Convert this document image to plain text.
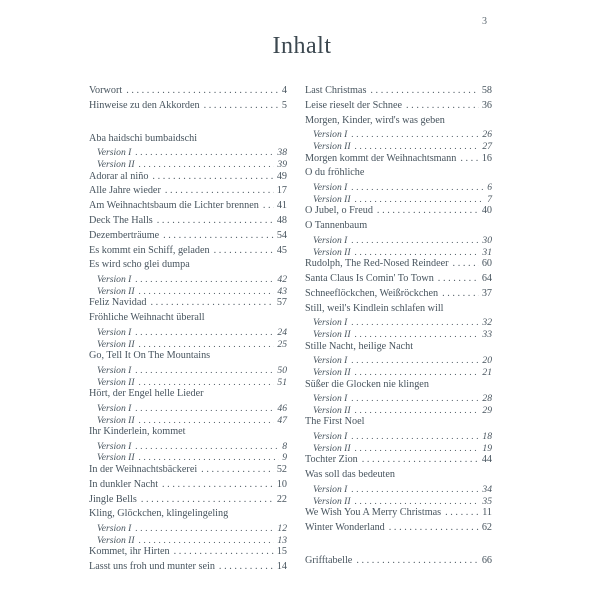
3
Inhalt
Vorwort .....	4
Hinweise zu den Akkorden .....	5
Aba haidschi bumbaidschi
Version I .....	38
Version II .....	39
Adorar al niño .....	49
Alle Jahre wieder .....	17
Am Weihnachtsbaum die Lichter brennen ..... 41
Deck The Halls .....	48
Dezemberträume .....	54
Es kommt ein Schiff, geladen .....	45
Es wird scho glei dumpa
Version I .....	42
Version II .....	43
Feliz Navidad .....	57
Fröhliche Weihnacht überall
Version I .....	24
Version II .....	25
Go, Tell It On The Mountains
Version I .....	50
Version II .....	51
Hört, der Engel helle Lieder
Version I .....	46
Version II .....	47
Ihr Kinderlein, kommet
Version I .....	8
Version II .....	9
In der Weihnachtsbäckerei .....	52
In dunkler Nacht .....	10
Jingle Bells .....	22
Kling, Glöckchen, klingelingeling
Version I .....	12
Version II .....	13
Kommet, ihr Hirten .....	15
Lasst uns froh und munter sein .....	14
Last Christmas .....	58
Leise rieselt der Schnee .....	36
Morgen, Kinder, wird's was geben
Version I .....	26
Version II .....	27
Morgen kommt der Weihnachtsmann .....	16
O du fröhliche
Version I .....	6
Version II .....	7
O Jubel, o Freud .....	40
O Tannenbaum
Version I .....	30
Version II .....	31
Rudolph, The Red-Nosed Reindeer .....	60
Santa Claus Is Comin' To Town .....	64
Schneeflöckchen, Weißröckchen .....	37
Still, weil's Kindlein schlafen will
Version I .....	32
Version II .....	33
Stille Nacht, heilige Nacht
Version I .....	20
Version II .....	21
Süßer die Glocken nie klingen
Version I .....	28
Version II .....	29
The First Noel
Version I .....	18
Version II .....	19
Tochter Zion .....	44
Was soll das bedeuten
Version I .....	34
Version II .....	35
We Wish You A Merry Christmas .....	11
Winter Wonderland .....	62
Grifftabelle .....	66
